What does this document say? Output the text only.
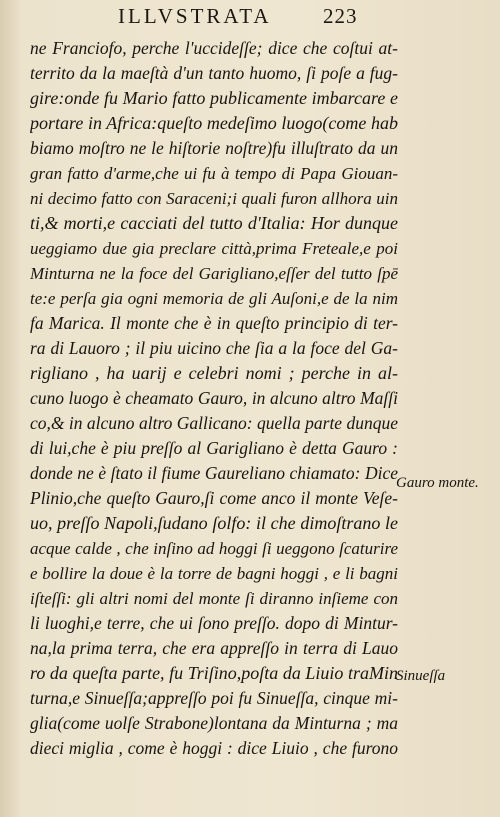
ILLVSTRATA 223
ne Franciofo, perche l'uccideſſe; dice che coſtui at-
territo da la maeſtà d'un tanto huomo, ſi poſe a fug-
gire:onde fu Mario fatto publicamente imbarcare e
portare in Africa:queſto medeſimo luogo(come hab
biamo moſtro ne le hiſtorie noſtre)fu illuſtrato da un
gran fatto d'arme,che ui fu à tempo di Papa Giouan-
ni decimo fatto con Saraceni;i quali furon allhora uin
ti,& morti,e cacciati del tutto d'Italia: Hor dunque
ueggiamo due gia preclare città,prima Freteale,e poi
Minturna ne la foce del Garigliano,eſſer del tutto ſpē
te:e perſa gia ogni memoria de gli Auſoni,e de la nim
fa Marica. Il monte che è in queſto principio di ter-
ra di Lauoro ; il piu uicino che ſia a la foce del Ga-
rigliano , ha uarij e celebri nomi ; perche in al-
cuno luogo è cheamato Gauro, in alcuno altro Maſſi
co,& in alcuno altro Gallicano: quella parte dunque
di lui,che è piu preſſo al Garigliano è detta Gauro :
donde ne è ſtato il fiume Gaureliano chiamato: Dice
Plinio,che queſto Gauro,ſi come anco il monte Veſe-
uo, preſſo Napoli,ſudano ſolfo: il che dimoſtrano le
acque calde , che inſino ad hoggi ſi ueggono ſcaturire
e bollire la doue è la torre de bagni hoggi , e li bagni
iſteſſi: gli altri nomi del monte ſi diranno inſieme con
li luoghi,e terre, che ui ſono preſſo. dopo di Mintur-
na,la prima terra, che era appreſſo in terra di Lauo
ro da queſta parte, fu Triſino,poſta da Liuio traMin
turna,e Sinueſſa;appreſſo poi fu Sinueſſa, cinque mi-
glia(come uolſe Strabone)lontana da Minturna ; ma
dieci miglia , come è hoggi : dice Liuio , che furono
Gauro monte.
Sinueſſa
